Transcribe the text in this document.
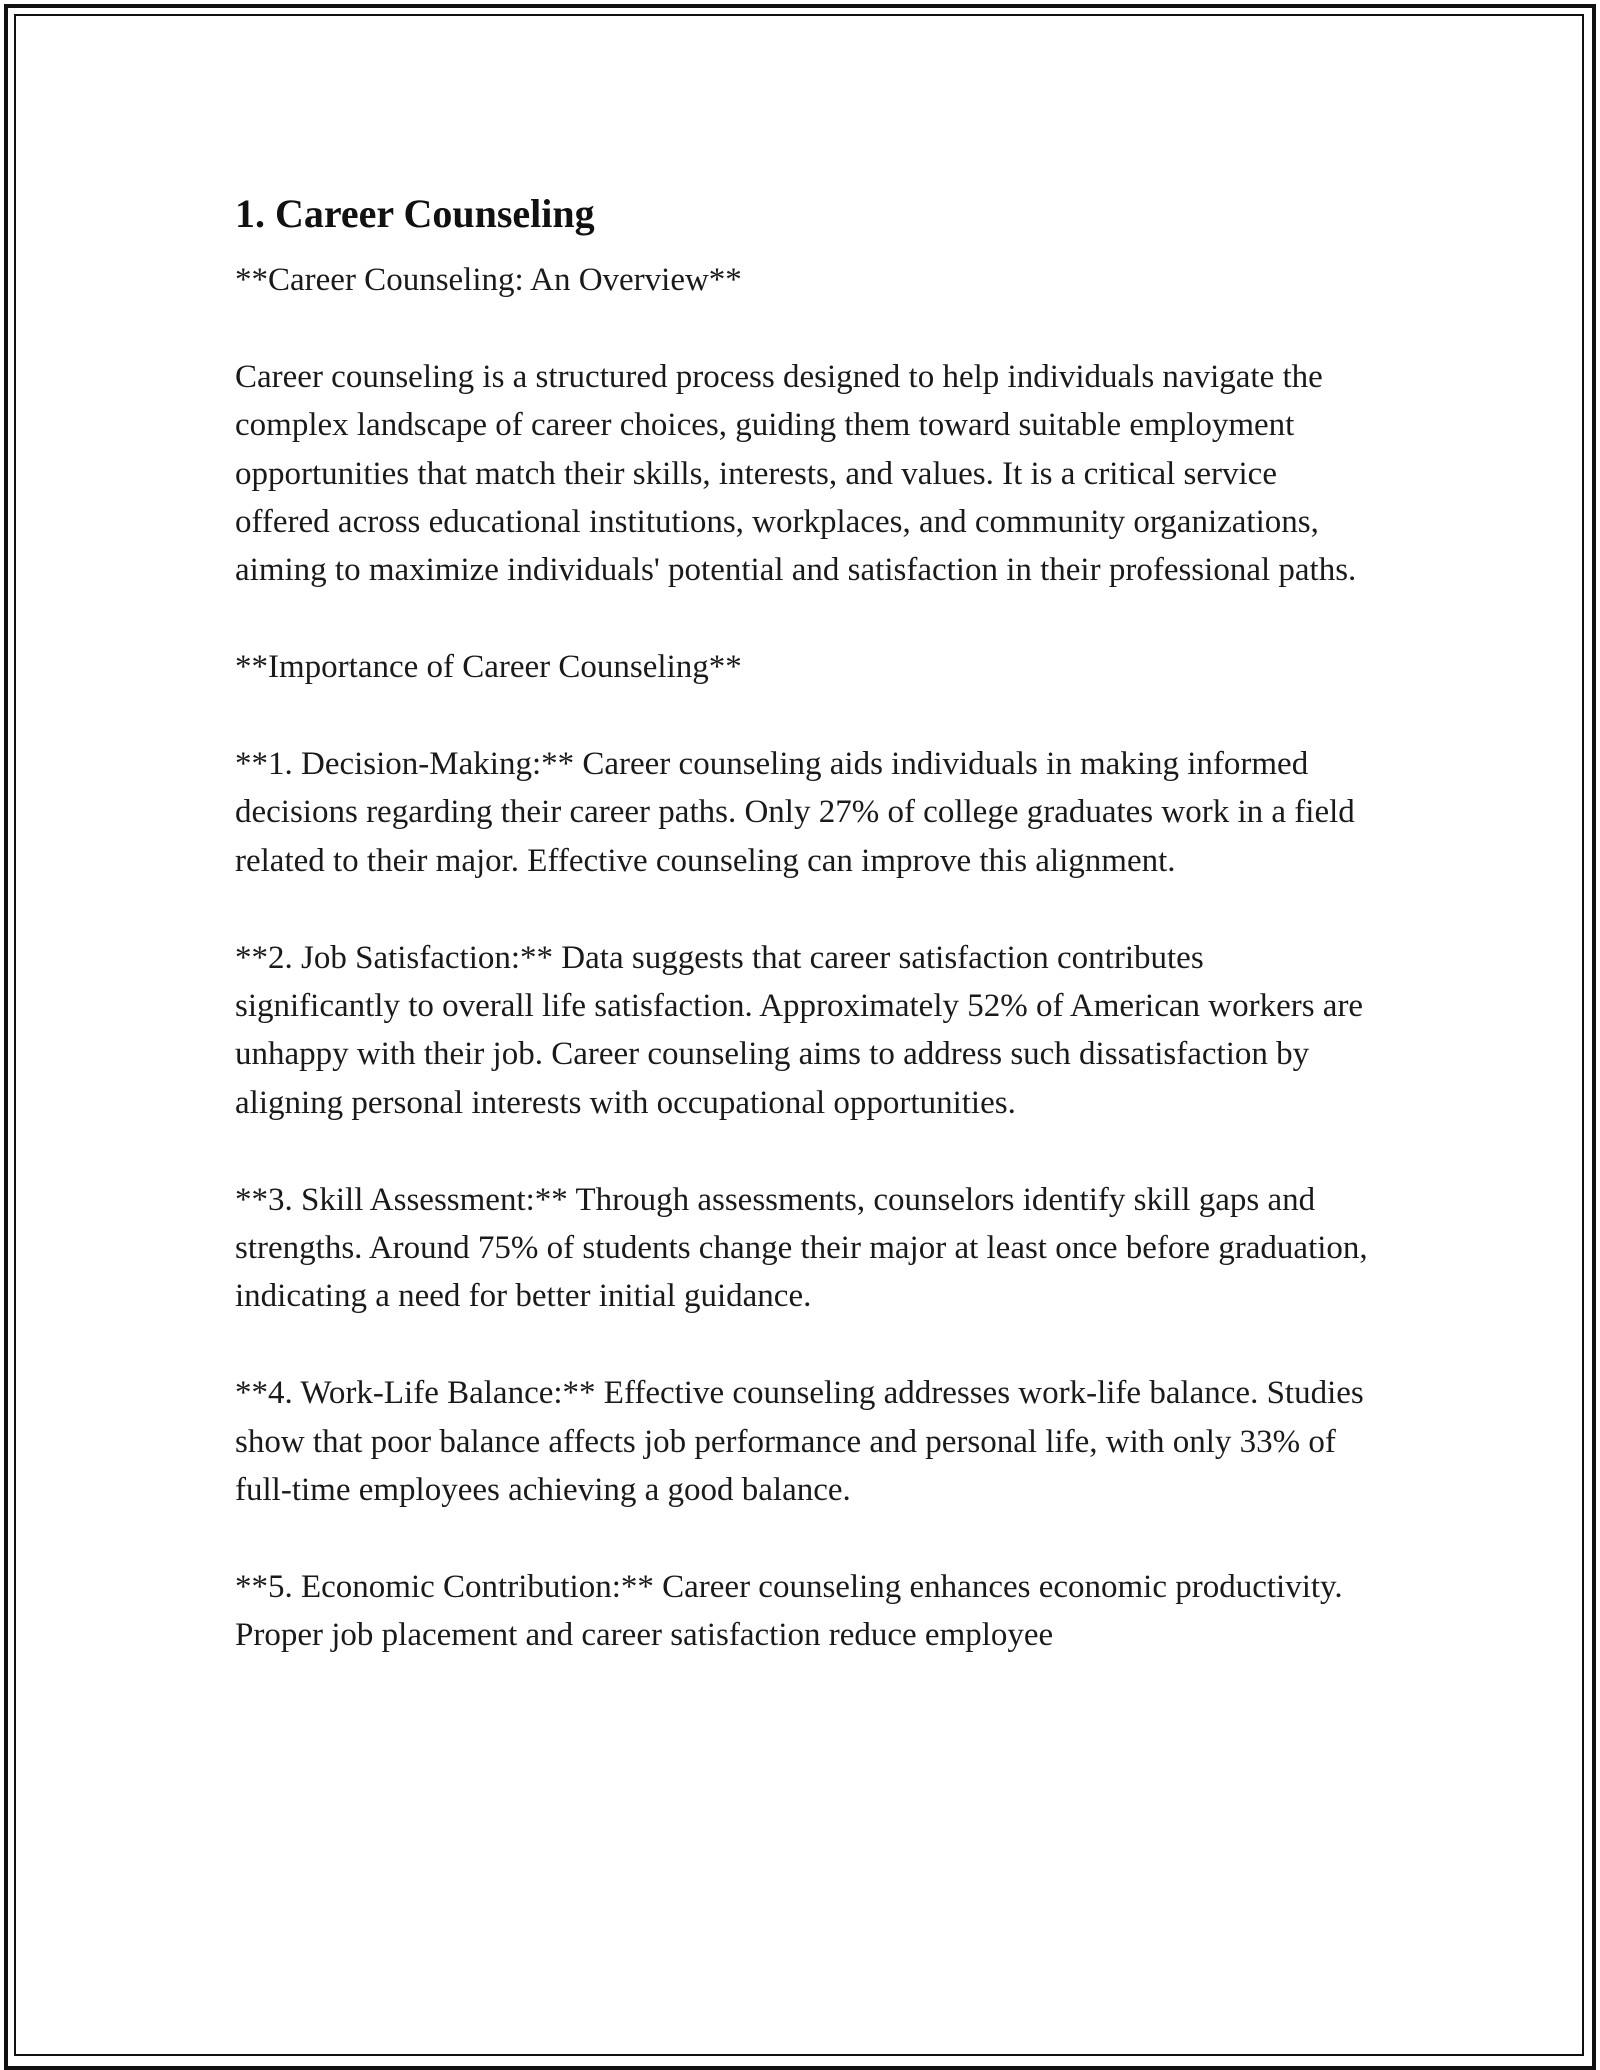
1. Career Counseling

**Career Counseling: An Overview**

Career counseling is a structured process designed to help individuals navigate the complex landscape of career choices, guiding them toward suitable employment opportunities that match their skills, interests, and values. It is a critical service offered across educational institutions, workplaces, and community organizations, aiming to maximize individuals' potential and satisfaction in their professional paths.

**Importance of Career Counseling**

**1. Decision-Making:** Career counseling aids individuals in making informed decisions regarding their career paths. Only 27% of college graduates work in a field related to their major. Effective counseling can improve this alignment.

**2. Job Satisfaction:** Data suggests that career satisfaction contributes significantly to overall life satisfaction. Approximately 52% of American workers are unhappy with their job. Career counseling aims to address such dissatisfaction by aligning personal interests with occupational opportunities.

**3. Skill Assessment:** Through assessments, counselors identify skill gaps and strengths. Around 75% of students change their major at least once before graduation, indicating a need for better initial guidance.

**4. Work-Life Balance:** Effective counseling addresses work-life balance. Studies show that poor balance affects job performance and personal life, with only 33% of full-time employees achieving a good balance.

**5. Economic Contribution:** Career counseling enhances economic productivity. Proper job placement and career satisfaction reduce employee
